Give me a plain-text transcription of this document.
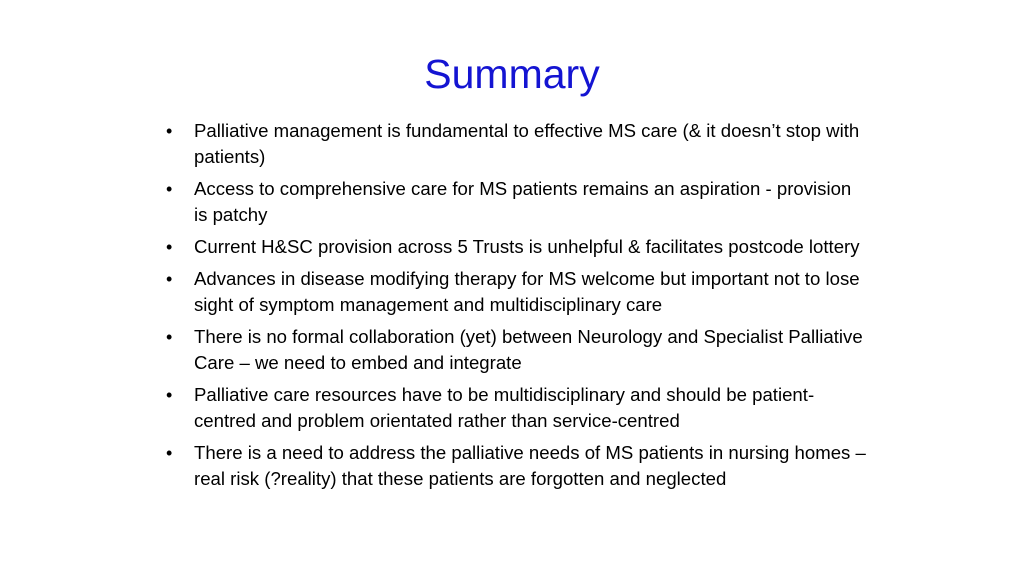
Summary
•	Palliative management is fundamental to effective MS care (& it doesn’t stop with patients)
•	Access to comprehensive care for MS patients remains an aspiration - provision is patchy
•	Current H&SC provision across 5 Trusts is unhelpful & facilitates postcode lottery
•	Advances in disease modifying therapy for MS welcome but important not to lose sight of symptom management and multidisciplinary care
•	There is no formal collaboration (yet) between Neurology and Specialist Palliative Care – we need to embed and integrate
•	Palliative care resources have to be multidisciplinary and should be patient-centred and problem orientated rather than service-centred
•	There is a need to address the palliative needs of MS patients in nursing homes – real risk (?reality) that these patients are forgotten and neglected
